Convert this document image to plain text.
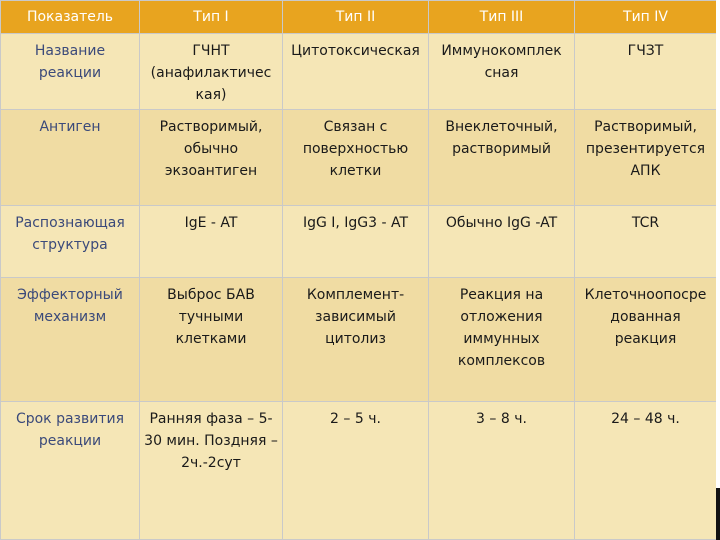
Показатель	Тип I	Тип II	Тип III	Тип IV
Название реакции	ГЧНТ (анафилактичес кая)	Цитотоксическая	Иммунокомплек сная	ГЧЗТ
Антиген	Растворимый, обычно экзоантиген	Связан с поверхностью клетки	Внеклеточный, растворимый	Растворимый, презентируется АПК
Распознающая структура	IgE - AT	IgG I, IgG3 - AT	Обычно IgG -AT	TCR
Эффекторный механизм	Выброс БАВ тучными клетками	Комплемент-зависимый цитолиз	Реакция на отложения иммунных комплексов	Клеточноопосре дованная реакция
Срок развития реакции	Ранняя фаза – 5-30 мин. Поздняя – 2ч.-2сут	2 – 5 ч.	3 – 8 ч.	24 – 48 ч.
